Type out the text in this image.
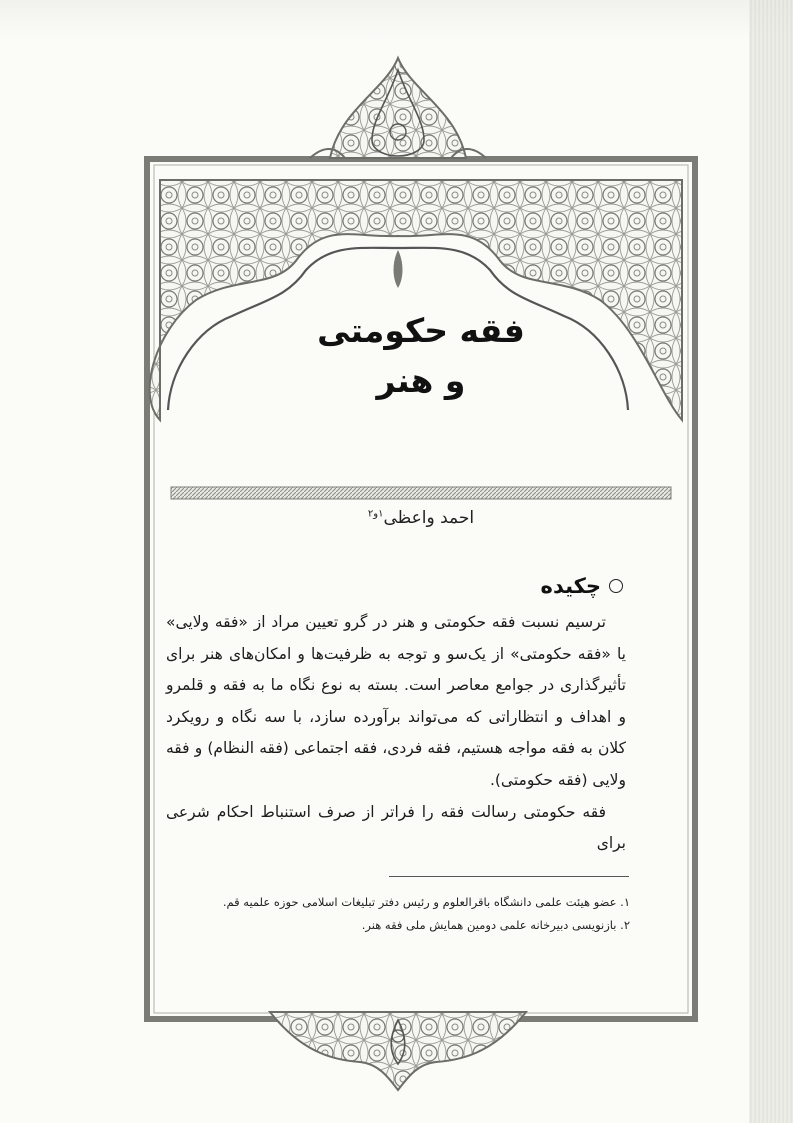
فقه حکومتی
و هنر
احمد واعظی$^{۱و۲}$
چکیده

ترسیم نسبت فقه حکومتی و هنر در گرو تعیین مراد از «فقه ولایی» یا «فقه حکومتی» از یک‌سو و توجه به ظرفیت‌ها و امکان‌های هنر برای تأثیرگذاری در جوامع معاصر است. بسته به نوع نگاه ما به فقه و قلمرو و اهداف و انتظاراتی که می‌تواند برآورده سازد، با سه نگاه و رویکرد کلان به فقه مواجه هستیم، فقه فردی، فقه اجتماعی (فقه النظام) و فقه ولایی (فقه حکومتی).

فقه حکومتی رسالت فقه را فراتر از صرف استنباط احکام شرعی برای

۱. عضو هیئت علمی دانشگاه باقرالعلوم و رئیس دفتر تبلیغات اسلامی حوزه علمیه قم.
۲. بازنویسی دبیرخانه علمی دومین همایش ملی فقه هنر.
